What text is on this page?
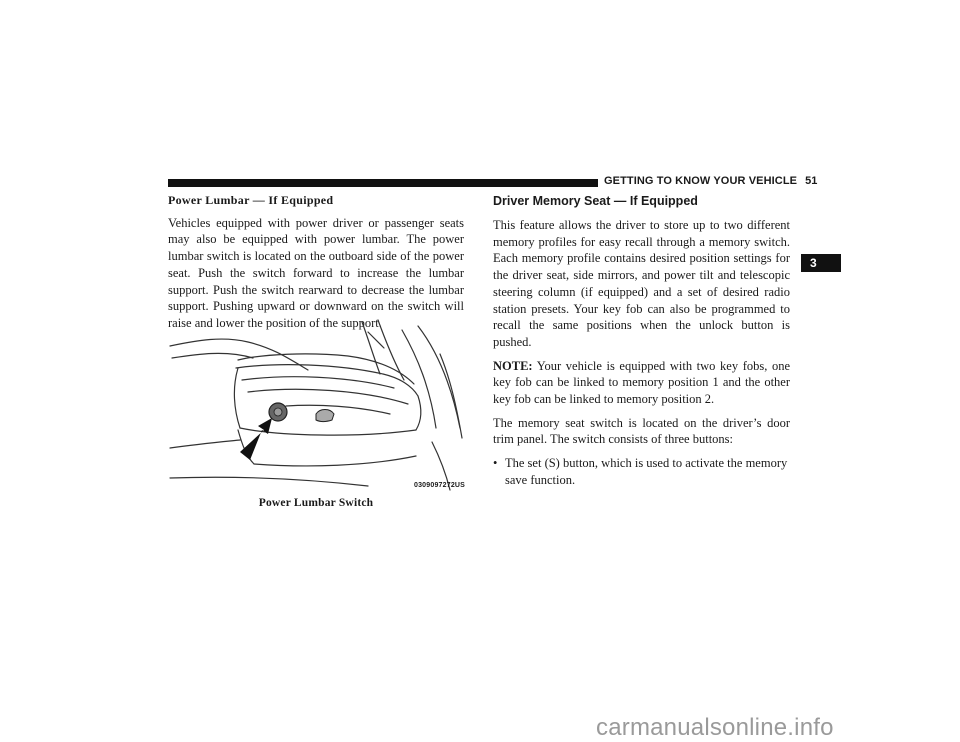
GETTING TO KNOW YOUR VEHICLE 51
3
Power Lumbar — If Equipped

Vehicles equipped with power driver or passenger seats may also be equipped with power lumbar. The power lumbar switch is located on the outboard side of the power seat. Push the switch forward to increase the lumbar support. Push the switch rearward to decrease the lumbar support. Pushing upward or downward on the switch will raise and lower the position of the support.

0309097272US
Power Lumbar Switch
Driver Memory Seat — If Equipped

This feature allows the driver to store up to two different memory profiles for easy recall through a memory switch. Each memory profile contains desired position settings for the driver seat, side mirrors, and power tilt and telescopic steering column (if equipped) and a set of desired radio station presets. Your key fob can also be programmed to recall the same positions when the unlock button is pushed.

NOTE: Your vehicle is equipped with two key fobs, one key fob can be linked to memory position 1 and the other key fob can be linked to memory position 2.

The memory seat switch is located on the driver’s door trim panel. The switch consists of three buttons:

• The set (S) button, which is used to activate the memory save function.
carmanualsonline.info
